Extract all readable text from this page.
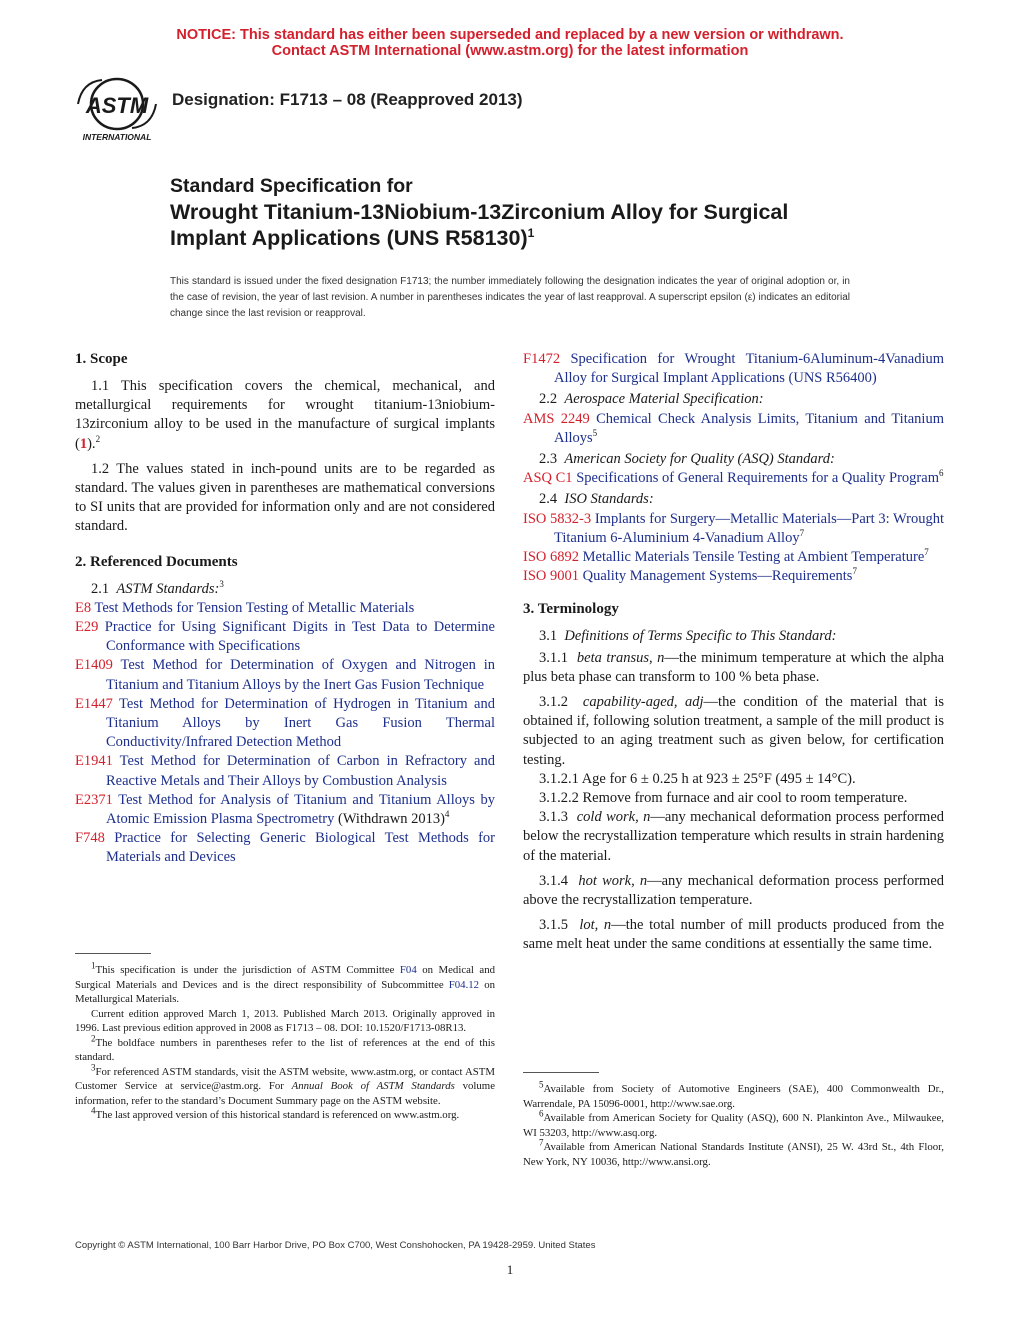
NOTICE: This standard has either been superseded and replaced by a new version or withdrawn.
Contact ASTM International (www.astm.org) for the latest information
ASTM
INTERNATIONAL
Designation: F1713 – 08 (Reapproved 2013)
Standard Specification for
Wrought Titanium-13Niobium-13Zirconium Alloy for Surgical
Implant Applications (UNS R58130)$^1$
This standard is issued under the fixed designation F1713; the number immediately following the designation indicates the year of original adoption or, in the case of revision, the year of last revision. A number in parentheses indicates the year of last reapproval. A superscript epsilon (ε) indicates an editorial change since the last revision or reapproval.
1. Scope

1.1 This specification covers the chemical, mechanical, and metallurgical requirements for wrought titanium-13niobium-13zirconium alloy to be used in the manufacture of surgical implants (1).$^2$

1.2 The values stated in inch-pound units are to be regarded as standard. The values given in parentheses are mathematical conversions to SI units that are provided for information only and are not considered standard.

2. Referenced Documents

2.1 ASTM Standards:$^3$

E8 Test Methods for Tension Testing of Metallic Materials

E29 Practice for Using Significant Digits in Test Data to Determine Conformance with Specifications

E1409 Test Method for Determination of Oxygen and Nitrogen in Titanium and Titanium Alloys by the Inert Gas Fusion Technique

E1447 Test Method for Determination of Hydrogen in Titanium and Titanium Alloys by Inert Gas Fusion Thermal Conductivity/Infrared Detection Method

E1941 Test Method for Determination of Carbon in Refractory and Reactive Metals and Their Alloys by Combustion Analysis

E2371 Test Method for Analysis of Titanium and Titanium Alloys by Atomic Emission Plasma Spectrometry (Withdrawn 2013)$^4$

F748 Practice for Selecting Generic Biological Test Methods for Materials and Devices

F1472 Specification for Wrought Titanium-6Aluminum-4Vanadium Alloy for Surgical Implant Applications (UNS R56400)

2.2 Aerospace Material Specification:

AMS 2249 Chemical Check Analysis Limits, Titanium and Titanium Alloys$^5$

2.3 American Society for Quality (ASQ) Standard:

ASQ C1 Specifications of General Requirements for a Quality Program$^6$

2.4 ISO Standards:

ISO 5832-3 Implants for Surgery—Metallic Materials—Part 3: Wrought Titanium 6-Aluminium 4-Vanadium Alloy$^7$

ISO 6892 Metallic Materials Tensile Testing at Ambient Temperature$^7$

ISO 9001 Quality Management Systems—Requirements$^7$

3. Terminology

3.1 Definitions of Terms Specific to This Standard:

3.1.1 beta transus, n—the minimum temperature at which the alpha plus beta phase can transform to 100 % beta phase.

3.1.2 capability-aged, adj—the condition of the material that is obtained if, following solution treatment, a sample of the mill product is subjected to an aging treatment such as given below, for certification testing.

3.1.2.1 Age for 6 ± 0.25 h at 923 ± 25°F (495 ± 14°C).

3.1.2.2 Remove from furnace and air cool to room temperature.

3.1.3 cold work, n—any mechanical deformation process performed below the recrystallization temperature which results in strain hardening of the material.

3.1.4 hot work, n—any mechanical deformation process performed above the recrystallization temperature.

3.1.5 lot, n—the total number of mill products produced from the same melt heat under the same conditions at essentially the same time.

$^1$This specification is under the jurisdiction of ASTM Committee F04 on Medical and Surgical Materials and Devices and is the direct responsibility of Subcommittee F04.12 on Metallurgical Materials.

Current edition approved March 1, 2013. Published March 2013. Originally approved in 1996. Last previous edition approved in 2008 as F1713 – 08. DOI: 10.1520/F1713-08R13.

$^2$The boldface numbers in parentheses refer to the list of references at the end of this standard.

$^3$For referenced ASTM standards, visit the ASTM website, www.astm.org, or contact ASTM Customer Service at service@astm.org. For Annual Book of ASTM Standards volume information, refer to the standard’s Document Summary page on the ASTM website.

$^4$The last approved version of this historical standard is referenced on www.astm.org.

$^5$Available from Society of Automotive Engineers (SAE), 400 Commonwealth Dr., Warrendale, PA 15096-0001, http://www.sae.org.

$^6$Available from American Society for Quality (ASQ), 600 N. Plankinton Ave., Milwaukee, WI 53203, http://www.asq.org.

$^7$Available from American National Standards Institute (ANSI), 25 W. 43rd St., 4th Floor, New York, NY 10036, http://www.ansi.org.

Copyright © ASTM International, 100 Barr Harbor Drive, PO Box C700, West Conshohocken, PA 19428-2959. United States
1
